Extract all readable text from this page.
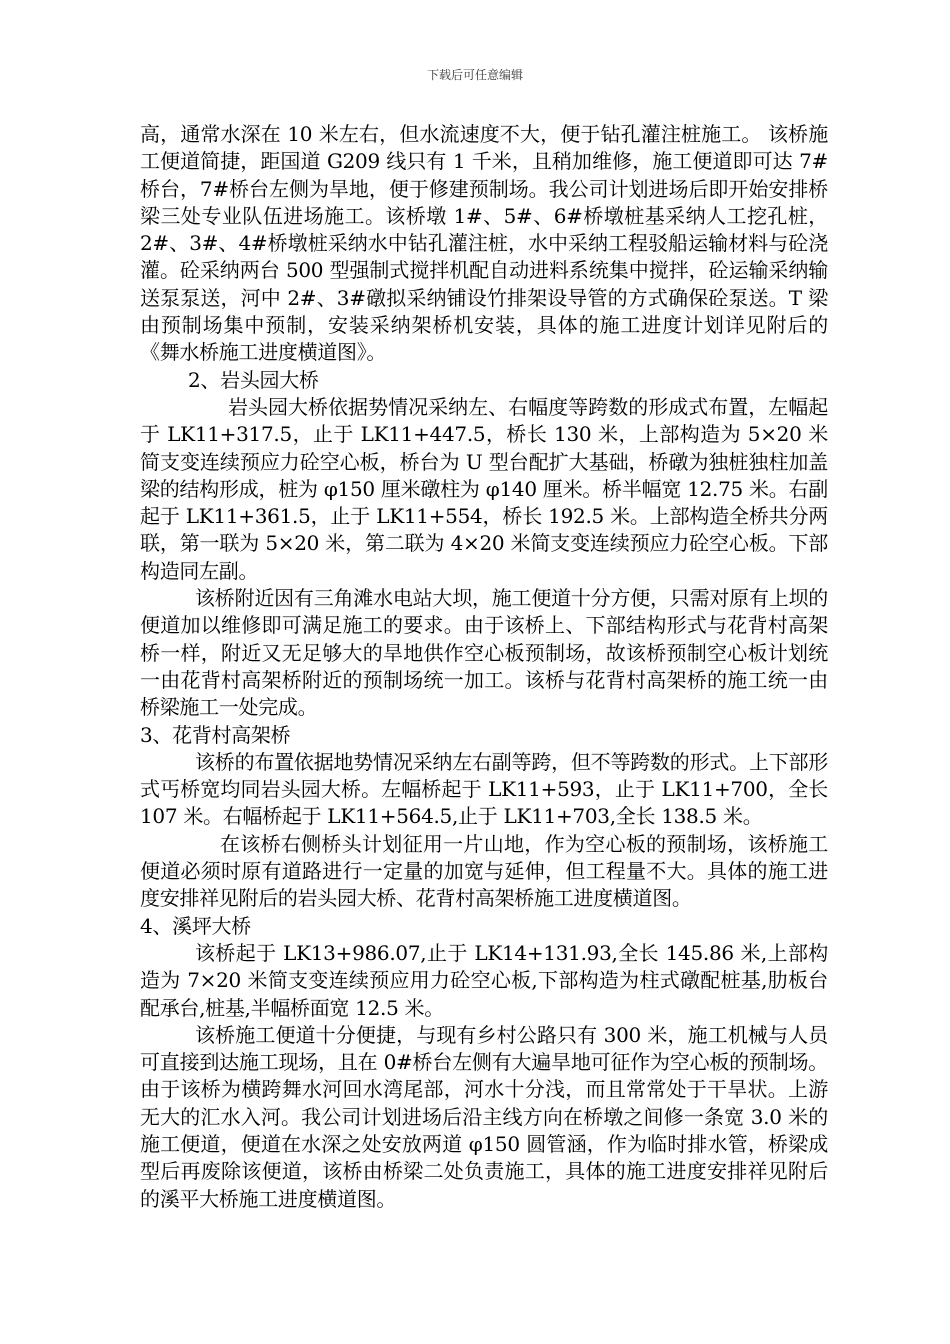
下载后可任意编辑

高，通常水深在 10 米左右，但水流速度不大，便于钻孔灌注桩施工。 该桥施工便道简捷，距国道 G209 线只有 1 千米，且稍加维修，施工便道即可达 7#桥台，7#桥台左侧为旱地，便于修建预制场。我公司计划进场后即开始安排桥梁三处专业队伍进场施工。该桥墩 1#、5#、6#桥墩桩基采纳人工挖孔桩，2#、3#、4#桥墩桩采纳水中钻孔灌注桩，水中采纳工程驳船运输材料与砼浇灌。砼采纳两台 500 型强制式搅拌机配自动进料系统集中搅拌，砼运输采纳输送泵泵送，河中 2#、3#礅拟采纳铺设竹排架设导管的方式确保砼泵送。T 梁由预制场集中预制，安装采纳架桥机安装，具体的施工进度计划详见附后的《舞水桥施工进度横道图》。

2、岩头园大桥

岩头园大桥依据势情况采纳左、右幅度等跨数的形成式布置，左幅起于 LK11+317.5，止于 LK11+447.5，桥长 130 米，上部构造为 5×20 米简支变连续预应力砼空心板，桥台为 U 型台配扩大基础，桥礅为独桩独柱加盖梁的结构形成，桩为 φ150 厘米礅柱为 φ140 厘米。桥半幅宽 12.75 米。右副起于 LK11+361.5，止于 LK11+554，桥长 192.5 米。上部构造全桥共分两联，第一联为 5×20 米，第二联为 4×20 米简支变连续预应力砼空心板。下部构造同左副。

该桥附近因有三角滩水电站大坝，施工便道十分方便，只需对原有上坝的便道加以维修即可满足施工的要求。由于该桥上、下部结构形式与花背村高架桥一样，附近又无足够大的旱地供作空心板预制场，故该桥预制空心板计划统一由花背村高架桥附近的预制场统一加工。该桥与花背村高架桥的施工统一由桥梁施工一处完成。

3、花背村高架桥

该桥的布置依据地势情况采纳左右副等跨，但不等跨数的形式。上下部形式丐桥宽均同岩头园大桥。左幅桥起于 LK11+593，止于 LK11+700，全长 107 米。右幅桥起于 LK11+564.5,止于 LK11+703,全长 138.5 米。

在该桥右侧桥头计划征用一片山地，作为空心板的预制场，该桥施工便道必须时原有道路进行一定量的加宽与延伸，但工程量不大。具体的施工进度安排祥见附后的岩头园大桥、花背村高架桥施工进度横道图。

4、溪坪大桥

该桥起于 LK13+986.07,止于 LK14+131.93,全长 145.86 米,上部构造为 7×20 米简支变连续预应用力砼空心板,下部构造为柱式礅配桩基,肋板台配承台,桩基,半幅桥面宽 12.5 米。

该桥施工便道十分便捷，与现有乡村公路只有 300 米，施工机械与人员可直接到达施工现场，且在 0#桥台左侧有大遍旱地可征作为空心板的预制场。由于该桥为横跨舞水河回水湾尾部，河水十分浅，而且常常处于干旱状。上游无大的汇水入河。我公司计划进场后沿主线方向在桥墩之间修一条宽 3.0 米的施工便道，便道在水深之处安放两道 φ150 圆管涵，作为临时排水管，桥梁成型后再废除该便道，该桥由桥梁二处负责施工，具体的施工进度安排祥见附后的溪平大桥施工进度横道图。
